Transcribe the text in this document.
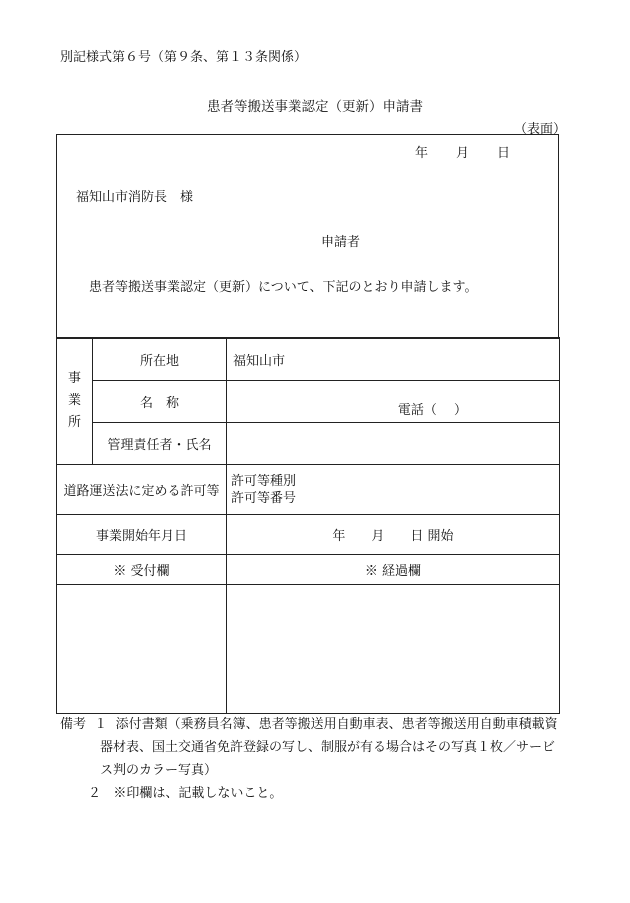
別記様式第６号（第９条、第１３条関係）
患者等搬送事業認定（更新）申請書
（表面）
年 月 日
福知山市消防長　様
申請者
患者等搬送事業認定（更新）について、下記のとおり申請します。
事
業
所	所在地	福知山市
	名　称	電話（　 ）
	管理責任者・氏名	
道路運送法に定める許可等		許可等種別
許可等番号

事業開始年月日		年　　月　　日 開始
※ 受付欄		※ 経過欄

備考 １ 添付書類（乗務員名簿、患者等搬送用自動車表、患者等搬送用自動車積載資
器材表、国土交通省免許登録の写し、制服が有る場合はその写真１枚／サービ
ス判のカラー写真）
２ ※印欄は、記載しないこと。
